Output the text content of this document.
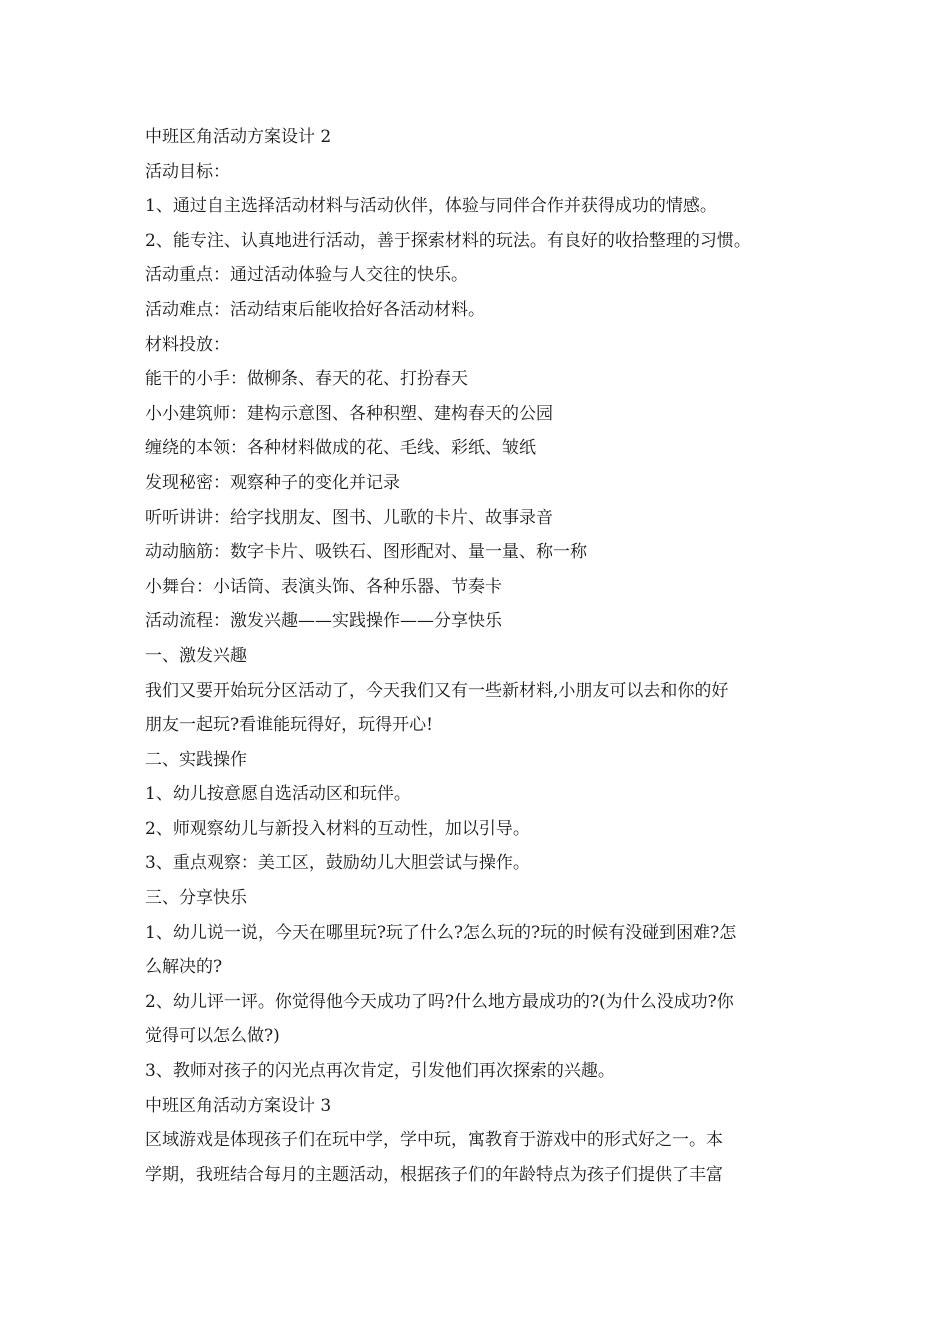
中班区角活动方案设计 2
活动目标：
1、通过自主选择活动材料与活动伙伴，体验与同伴合作并获得成功的情感。
2、能专注、认真地进行活动，善于探索材料的玩法。有良好的收拾整理的习惯。
活动重点：通过活动体验与人交往的快乐。
活动难点：活动结束后能收拾好各活动材料。
材料投放：
能干的小手：做柳条、春天的花、打扮春天
小小建筑师：建构示意图、各种积塑、建构春天的公园
缠绕的本领：各种材料做成的花、毛线、彩纸、皱纸
发现秘密：观察种子的变化并记录
听听讲讲：给字找朋友、图书、儿歌的卡片、故事录音
动动脑筋：数字卡片、吸铁石、图形配对、量一量、称一称
小舞台：小话筒、表演头饰、各种乐器、节奏卡
活动流程：激发兴趣——实践操作——分享快乐
一、激发兴趣
我们又要开始玩分区活动了，今天我们又有一些新材料,小朋友可以去和你的好
朋友一起玩?看谁能玩得好，玩得开心!
二、实践操作
1、幼儿按意愿自选活动区和玩伴。
2、师观察幼儿与新投入材料的互动性，加以引导。
3、重点观察：美工区，鼓励幼儿大胆尝试与操作。
三、分享快乐
1、幼儿说一说，今天在哪里玩?玩了什么?怎么玩的?玩的时候有没碰到困难?怎
么解决的?
2、幼儿评一评。你觉得他今天成功了吗?什么地方最成功的?(为什么没成功?你
觉得可以怎么做?)
3、教师对孩子的闪光点再次肯定，引发他们再次探索的兴趣。
中班区角活动方案设计 3
区域游戏是体现孩子们在玩中学，学中玩，寓教育于游戏中的形式好之一。本
学期，我班结合每月的主题活动，根据孩子们的年龄特点为孩子们提供了丰富
